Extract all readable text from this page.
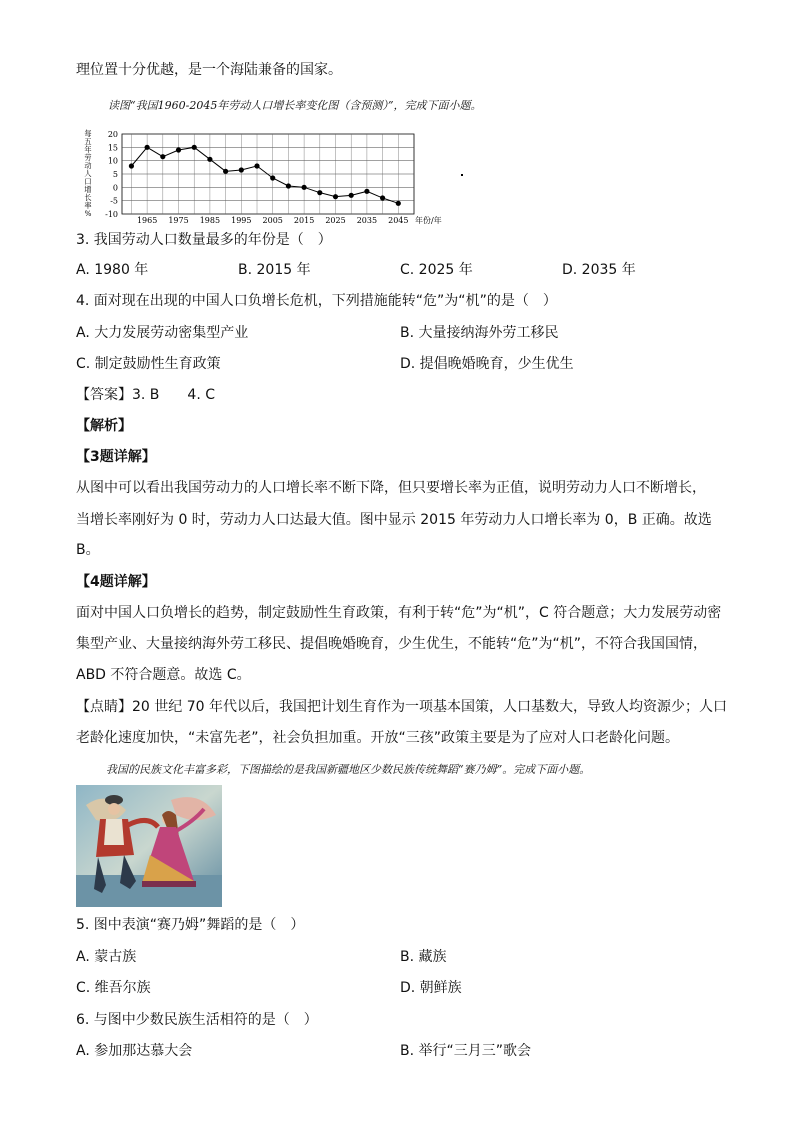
理位置十分优越，是一个海陆兼备的国家。
读图“我国1960-2045年劳动人口增长率变化图（含预测）”，完成下面小题。
每
五
年
劳
动
人
口
增
长
率
%
20
15
10
5
0
-5
-10
1965 1975 1985 1995 2005 2015 2025 2035 2045 年份/年
3. 我国劳动人口数量最多的年份是（　）
A. 1980 年	B. 2015 年	C. 2025 年	D. 2035 年
4. 面对现在出现的中国人口负增长危机，下列措施能转“危”为“机”的是（　）
A. 大力发展劳动密集型产业	B. 大量接纳海外劳工移民
C. 制定鼓励性生育政策	D. 提倡晚婚晚育，少生优生
【答案】3. B　　4. C
【解析】
【3题详解】
从图中可以看出我国劳动力的人口增长率不断下降，但只要增长率为正值，说明劳动力人口不断增长，
当增长率刚好为 0 时，劳动力人口达最大值。图中显示 2015 年劳动力人口增长率为 0，B 正确。故选
B。
【4题详解】
面对中国人口负增长的趋势，制定鼓励性生育政策，有利于转“危”为“机”，C 符合题意；大力发展劳动密
集型产业、大量接纳海外劳工移民、提倡晚婚晚育，少生优生，不能转“危”为“机”，不符合我国国情，
ABD 不符合题意。故选 C。
【点睛】20 世纪 70 年代以后，我国把计划生育作为一项基本国策，人口基数大，导致人均资源少；人口
老龄化速度加快，“未富先老”，社会负担加重。开放“三孩”政策主要是为了应对人口老龄化问题。
我国的民族文化丰富多彩，下图描绘的是我国新疆地区少数民族传统舞蹈“赛乃姆”。完成下面小题。
5. 图中表演“赛乃姆”舞蹈的是（　）
A. 蒙古族	B. 藏族
C. 维吾尔族	D. 朝鲜族
6. 与图中少数民族生活相符的是（　）
A. 参加那达慕大会	B. 举行“三月三”歌会
